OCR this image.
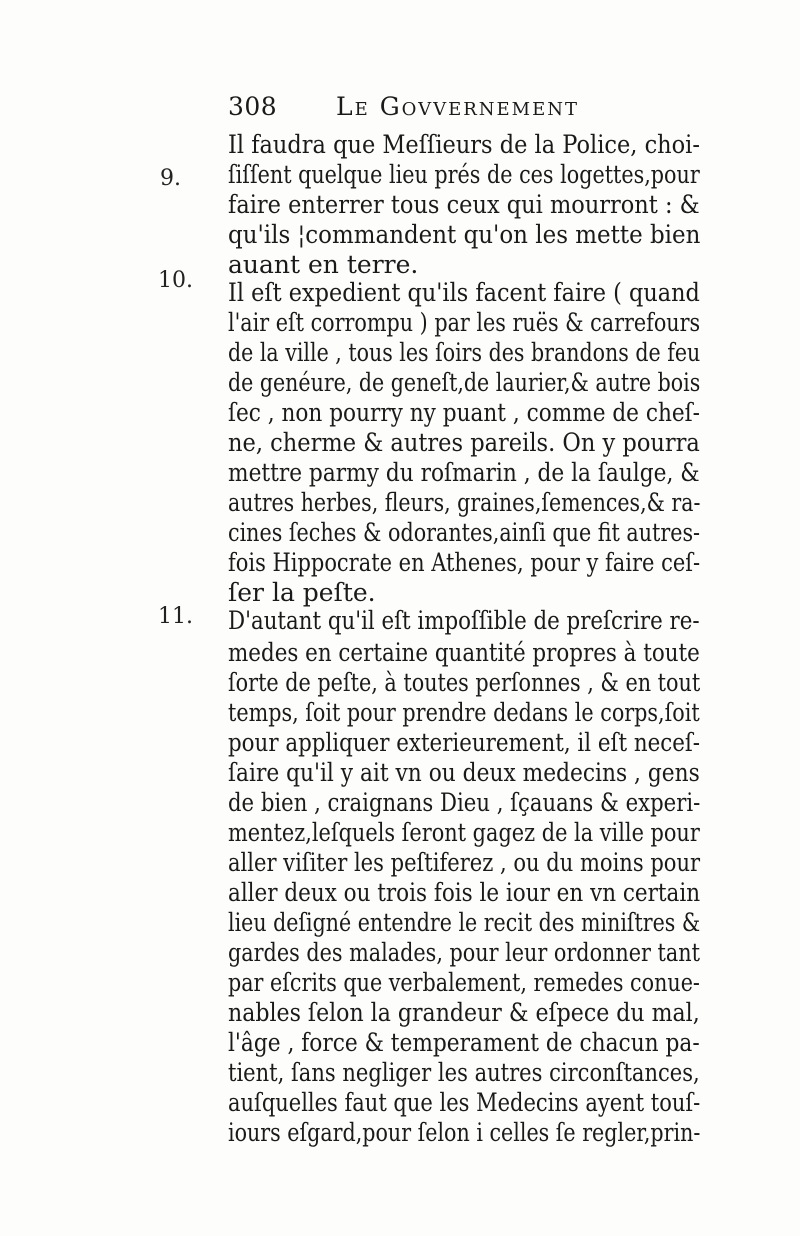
308 Le Govvernement
9.
10.
11.
Il faudra que Meſſieurs de la Police, choi-
ſiſſent quelque lieu prés de ces logettes,pour
faire enterrer tous ceux qui mourront : &
qu'ils ¦commandent qu'on les mette bien
auant en terre.
Il eſt expedient qu'ils facent faire ( quand
l'air eſt corrompu ) par les ruës & carrefours
de la ville , tous les ſoirs des brandons de feu
de genéure, de geneſt,de laurier,& autre bois
ſec , non pourry ny puant , comme de cheſ-
ne, cherme & autres pareils. On y pourra
mettre parmy du roſmarin , de la ſaulge, &
autres herbes, fleurs, graines,ſemences,& ra-
cines ſeches & odorantes,ainſi que fit autres-
fois Hippocrate en Athenes, pour y faire ceſ-
ſer la peſte.
D'autant qu'il eſt impoſſible de preſcrire re-
medes en certaine quantité propres à toute
ſorte de peſte, à toutes perſonnes , & en tout
temps, ſoit pour prendre dedans le corps,ſoit
pour appliquer exterieurement, il eſt neceſ-
ſaire qu'il y ait vn ou deux medecins , gens
de bien , craignans Dieu , ſçauans & experi-
mentez,leſquels ſeront gagez de la ville pour
aller viſiter les peſtiferez , ou du moins pour
aller deux ou trois fois le iour en vn certain
lieu deſigné entendre le recit des miniſtres &
gardes des malades, pour leur ordonner tant
par eſcrits que verbalement, remedes conue-
nables ſelon la grandeur & eſpece du mal,
l'âge , force & temperament de chacun pa-
tient, ſans negliger les autres circonſtances,
auſquelles faut que les Medecins ayent touſ-
iours eſgard,pour ſelon i celles ſe regler,prin-
